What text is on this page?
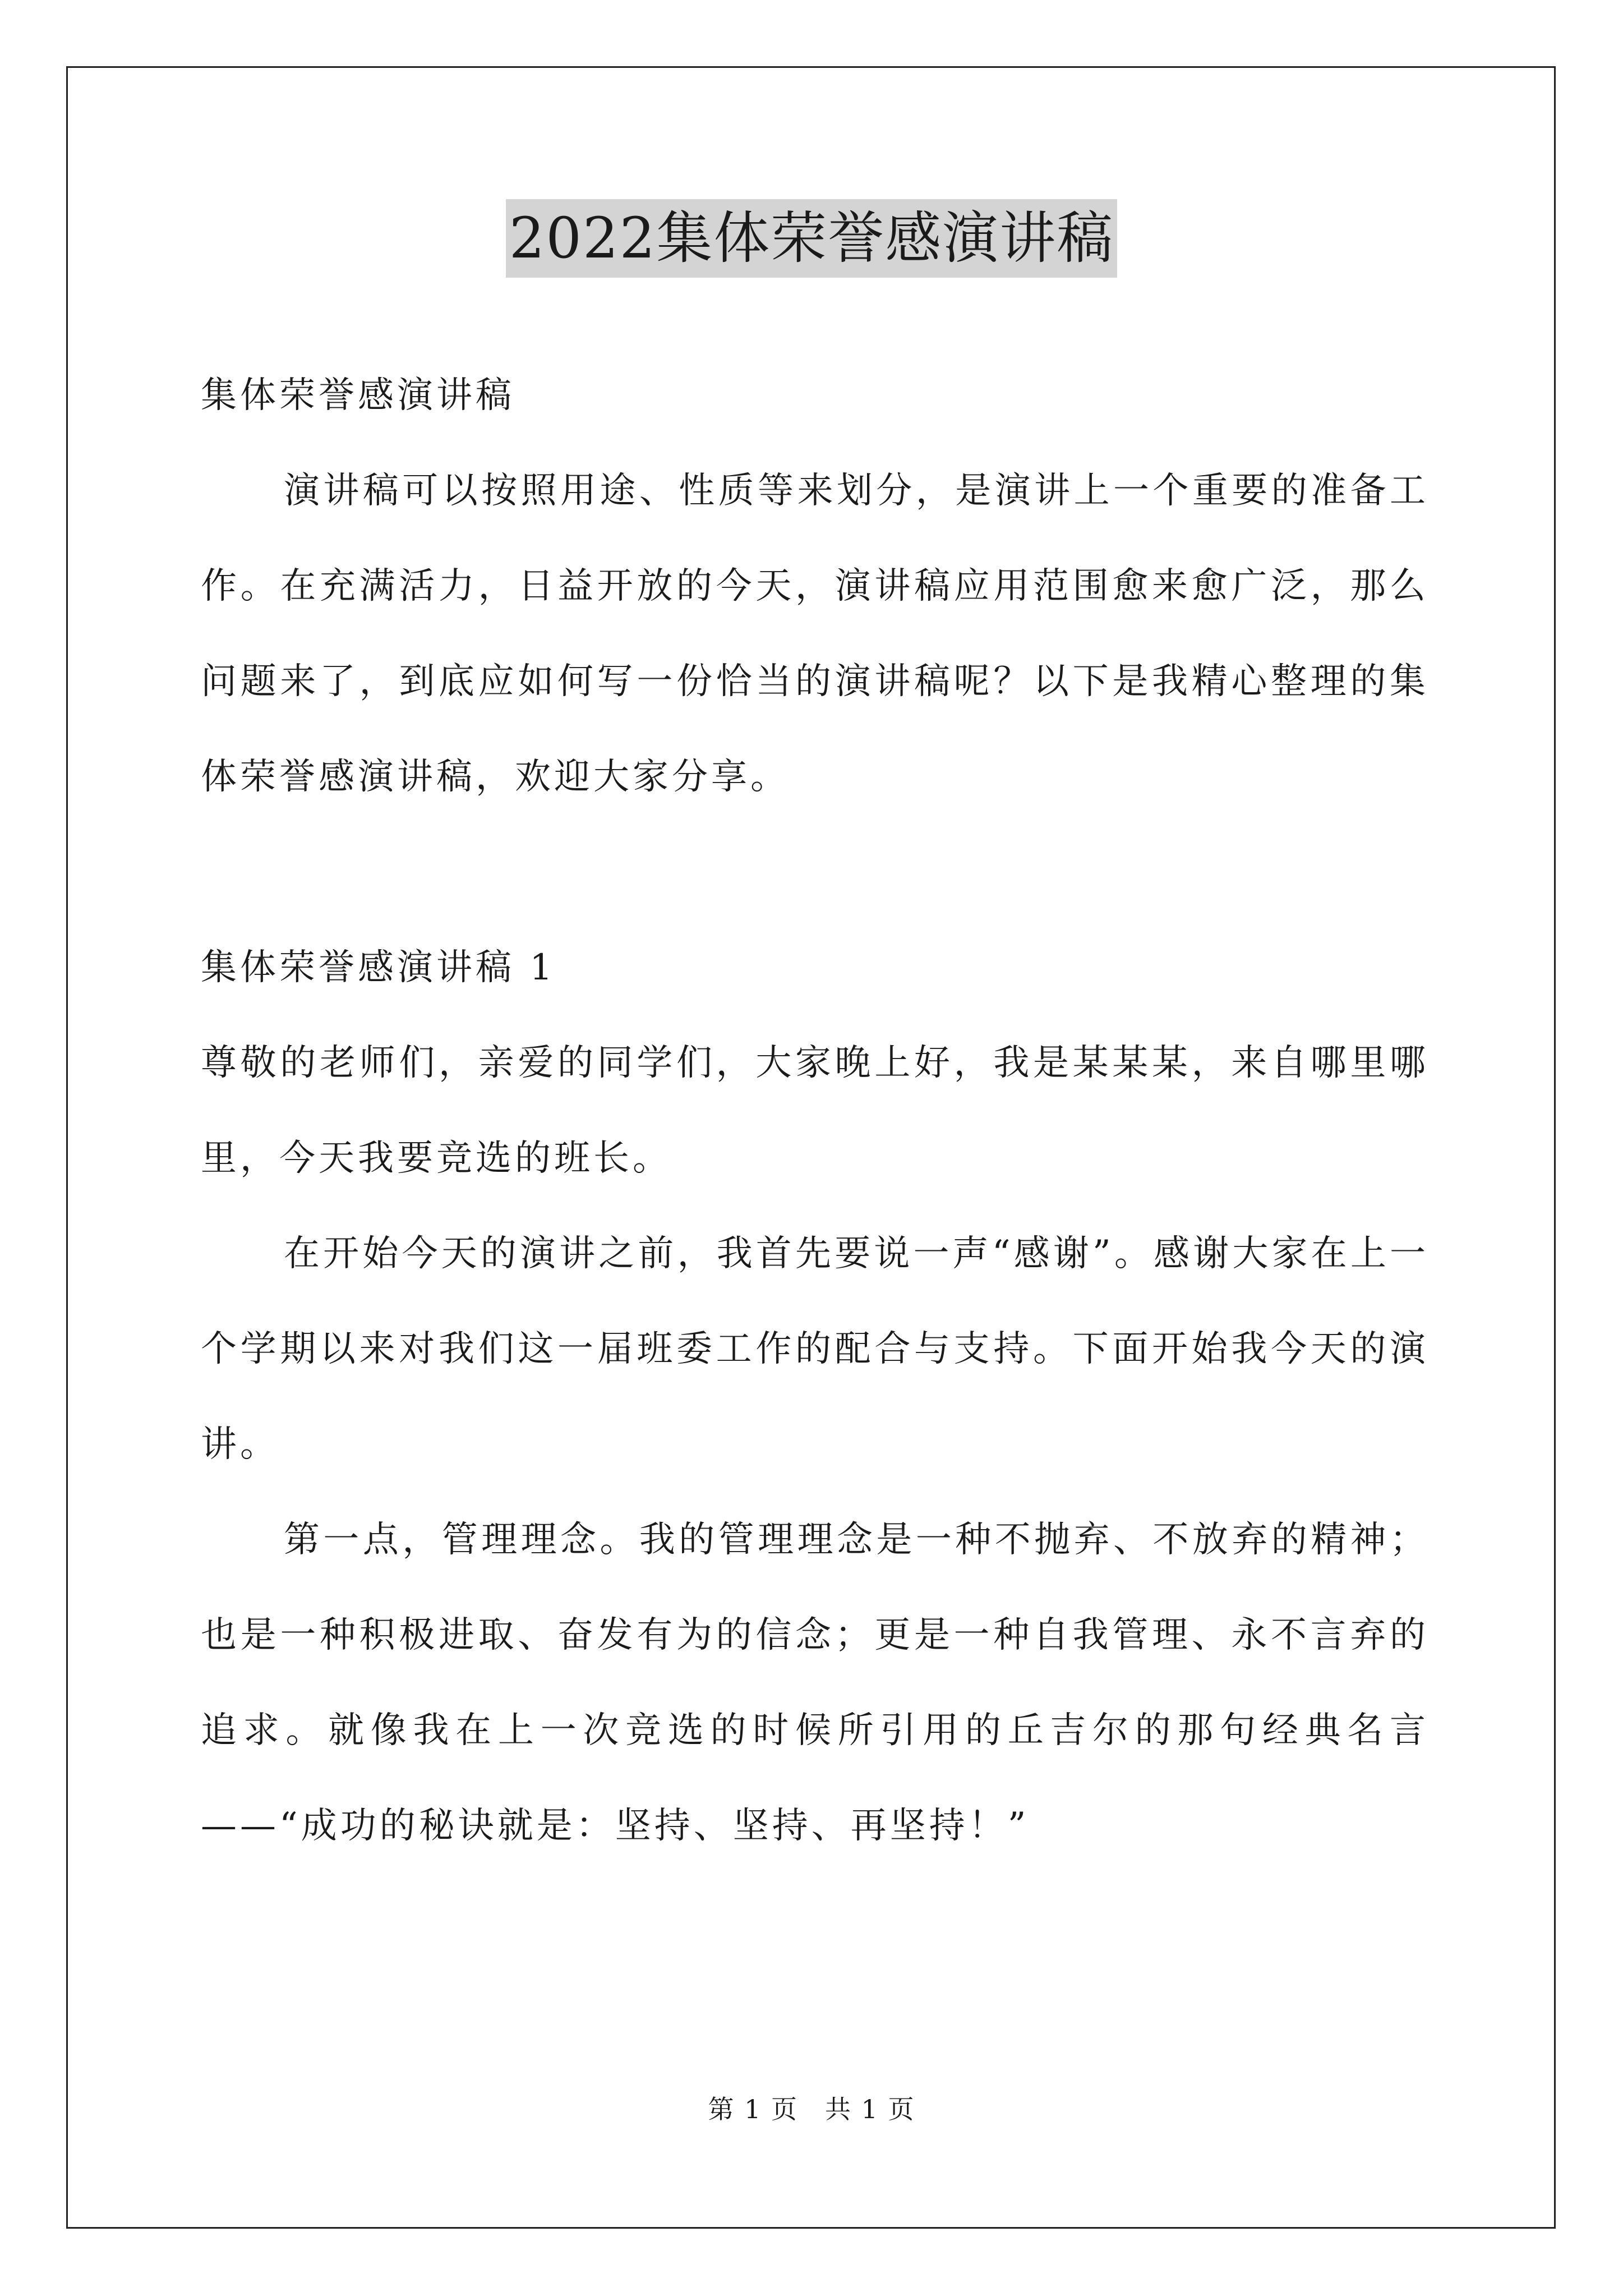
2022集体荣誉感演讲稿

集体荣誉感演讲稿

演讲稿可以按照用途、性质等来划分，是演讲上一个重要的准备工作。在充满活力，日益开放的今天，演讲稿应用范围愈来愈广泛，那么问题来了，到底应如何写一份恰当的演讲稿呢？以下是我精心整理的集体荣誉感演讲稿，欢迎大家分享。

集体荣誉感演讲稿 1

尊敬的老师们，亲爱的同学们，大家晚上好，我是某某某，来自哪里哪里，今天我要竞选的班长。

在开始今天的演讲之前，我首先要说一声“感谢”。感谢大家在上一个学期以来对我们这一届班委工作的配合与支持。下面开始我今天的演讲。

第一点，管理理念。我的管理理念是一种不抛弃、不放弃的精神；也是一种积极进取、奋发有为的信念；更是一种自我管理、永不言弃的追求。就像我在上一次竞选的时候所引用的丘吉尔的那句经典名言——“成功的秘诀就是：坚持、坚持、再坚持！”

第 1 页　共 1 页
